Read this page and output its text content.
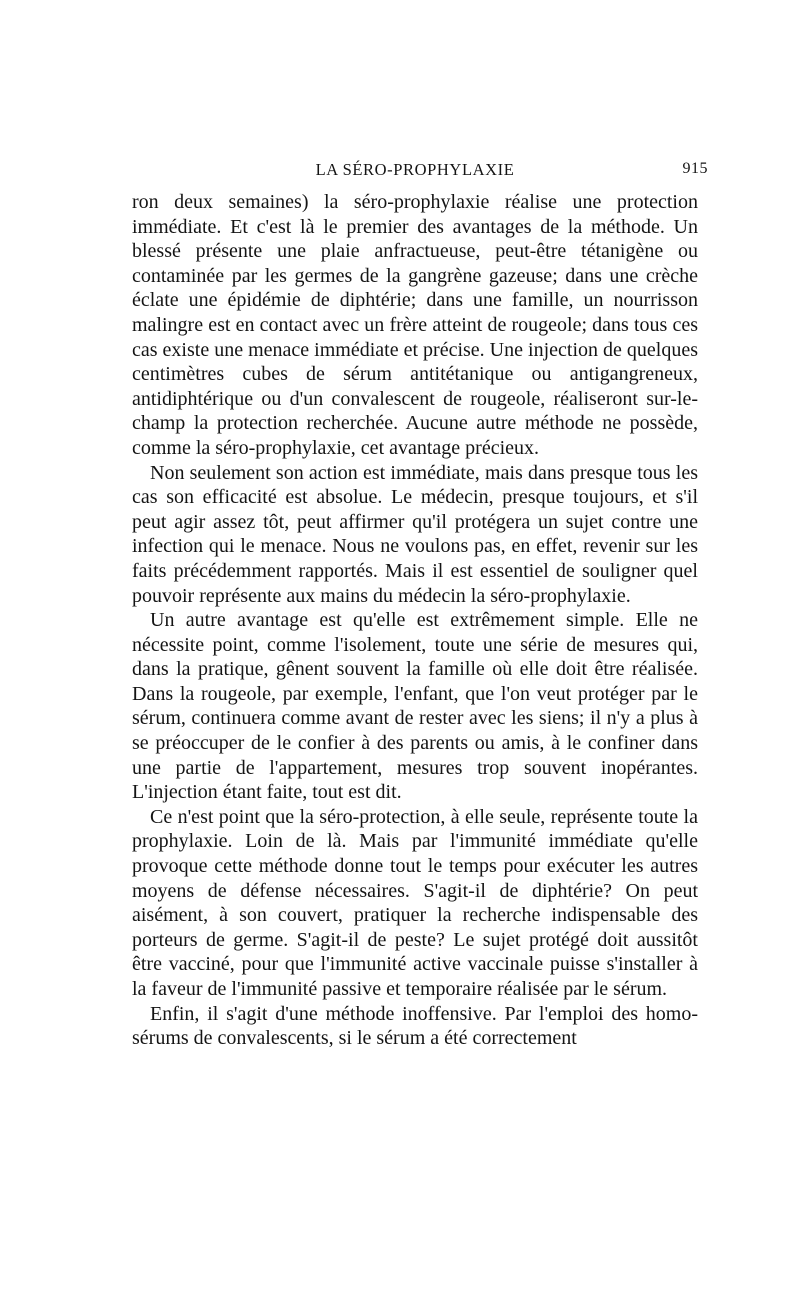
LA SÉRO-PROPHYLAXIE	915

ron deux semaines) la séro-prophylaxie réalise une protection immédiate. Et c'est là le premier des avantages de la méthode. Un blessé présente une plaie anfractueuse, peut-être tétanigène ou contaminée par les germes de la gangrène gazeuse; dans une crèche éclate une épidémie de diphtérie; dans une famille, un nourrisson malingre est en contact avec un frère atteint de rougeole; dans tous ces cas existe une menace immédiate et précise. Une injection de quelques centimètres cubes de sérum antitétanique ou antigangreneux, antidiphtérique ou d'un convalescent de rougeole, réaliseront sur-le-champ la protection recherchée. Aucune autre méthode ne possède, comme la séro-prophylaxie, cet avantage précieux.

Non seulement son action est immédiate, mais dans presque tous les cas son efficacité est absolue. Le médecin, presque toujours, et s'il peut agir assez tôt, peut affirmer qu'il protégera un sujet contre une infection qui le menace. Nous ne voulons pas, en effet, revenir sur les faits précédemment rapportés. Mais il est essentiel de souligner quel pouvoir représente aux mains du médecin la séro-prophylaxie.

Un autre avantage est qu'elle est extrêmement simple. Elle ne nécessite point, comme l'isolement, toute une série de mesures qui, dans la pratique, gênent souvent la famille où elle doit être réalisée. Dans la rougeole, par exemple, l'enfant, que l'on veut protéger par le sérum, continuera comme avant de rester avec les siens; il n'y a plus à se préoccuper de le confier à des parents ou amis, à le confiner dans une partie de l'appartement, mesures trop souvent inopérantes. L'injection étant faite, tout est dit.

Ce n'est point que la séro-protection, à elle seule, représente toute la prophylaxie. Loin de là. Mais par l'immunité immédiate qu'elle provoque cette méthode donne tout le temps pour exécuter les autres moyens de défense nécessaires. S'agit-il de diphtérie? On peut aisément, à son couvert, pratiquer la recherche indispensable des porteurs de germe. S'agit-il de peste? Le sujet protégé doit aussitôt être vacciné, pour que l'immunité active vaccinale puisse s'installer à la faveur de l'immunité passive et temporaire réalisée par le sérum.

Enfin, il s'agit d'une méthode inoffensive. Par l'emploi des homo-sérums de convalescents, si le sérum a été correctement
